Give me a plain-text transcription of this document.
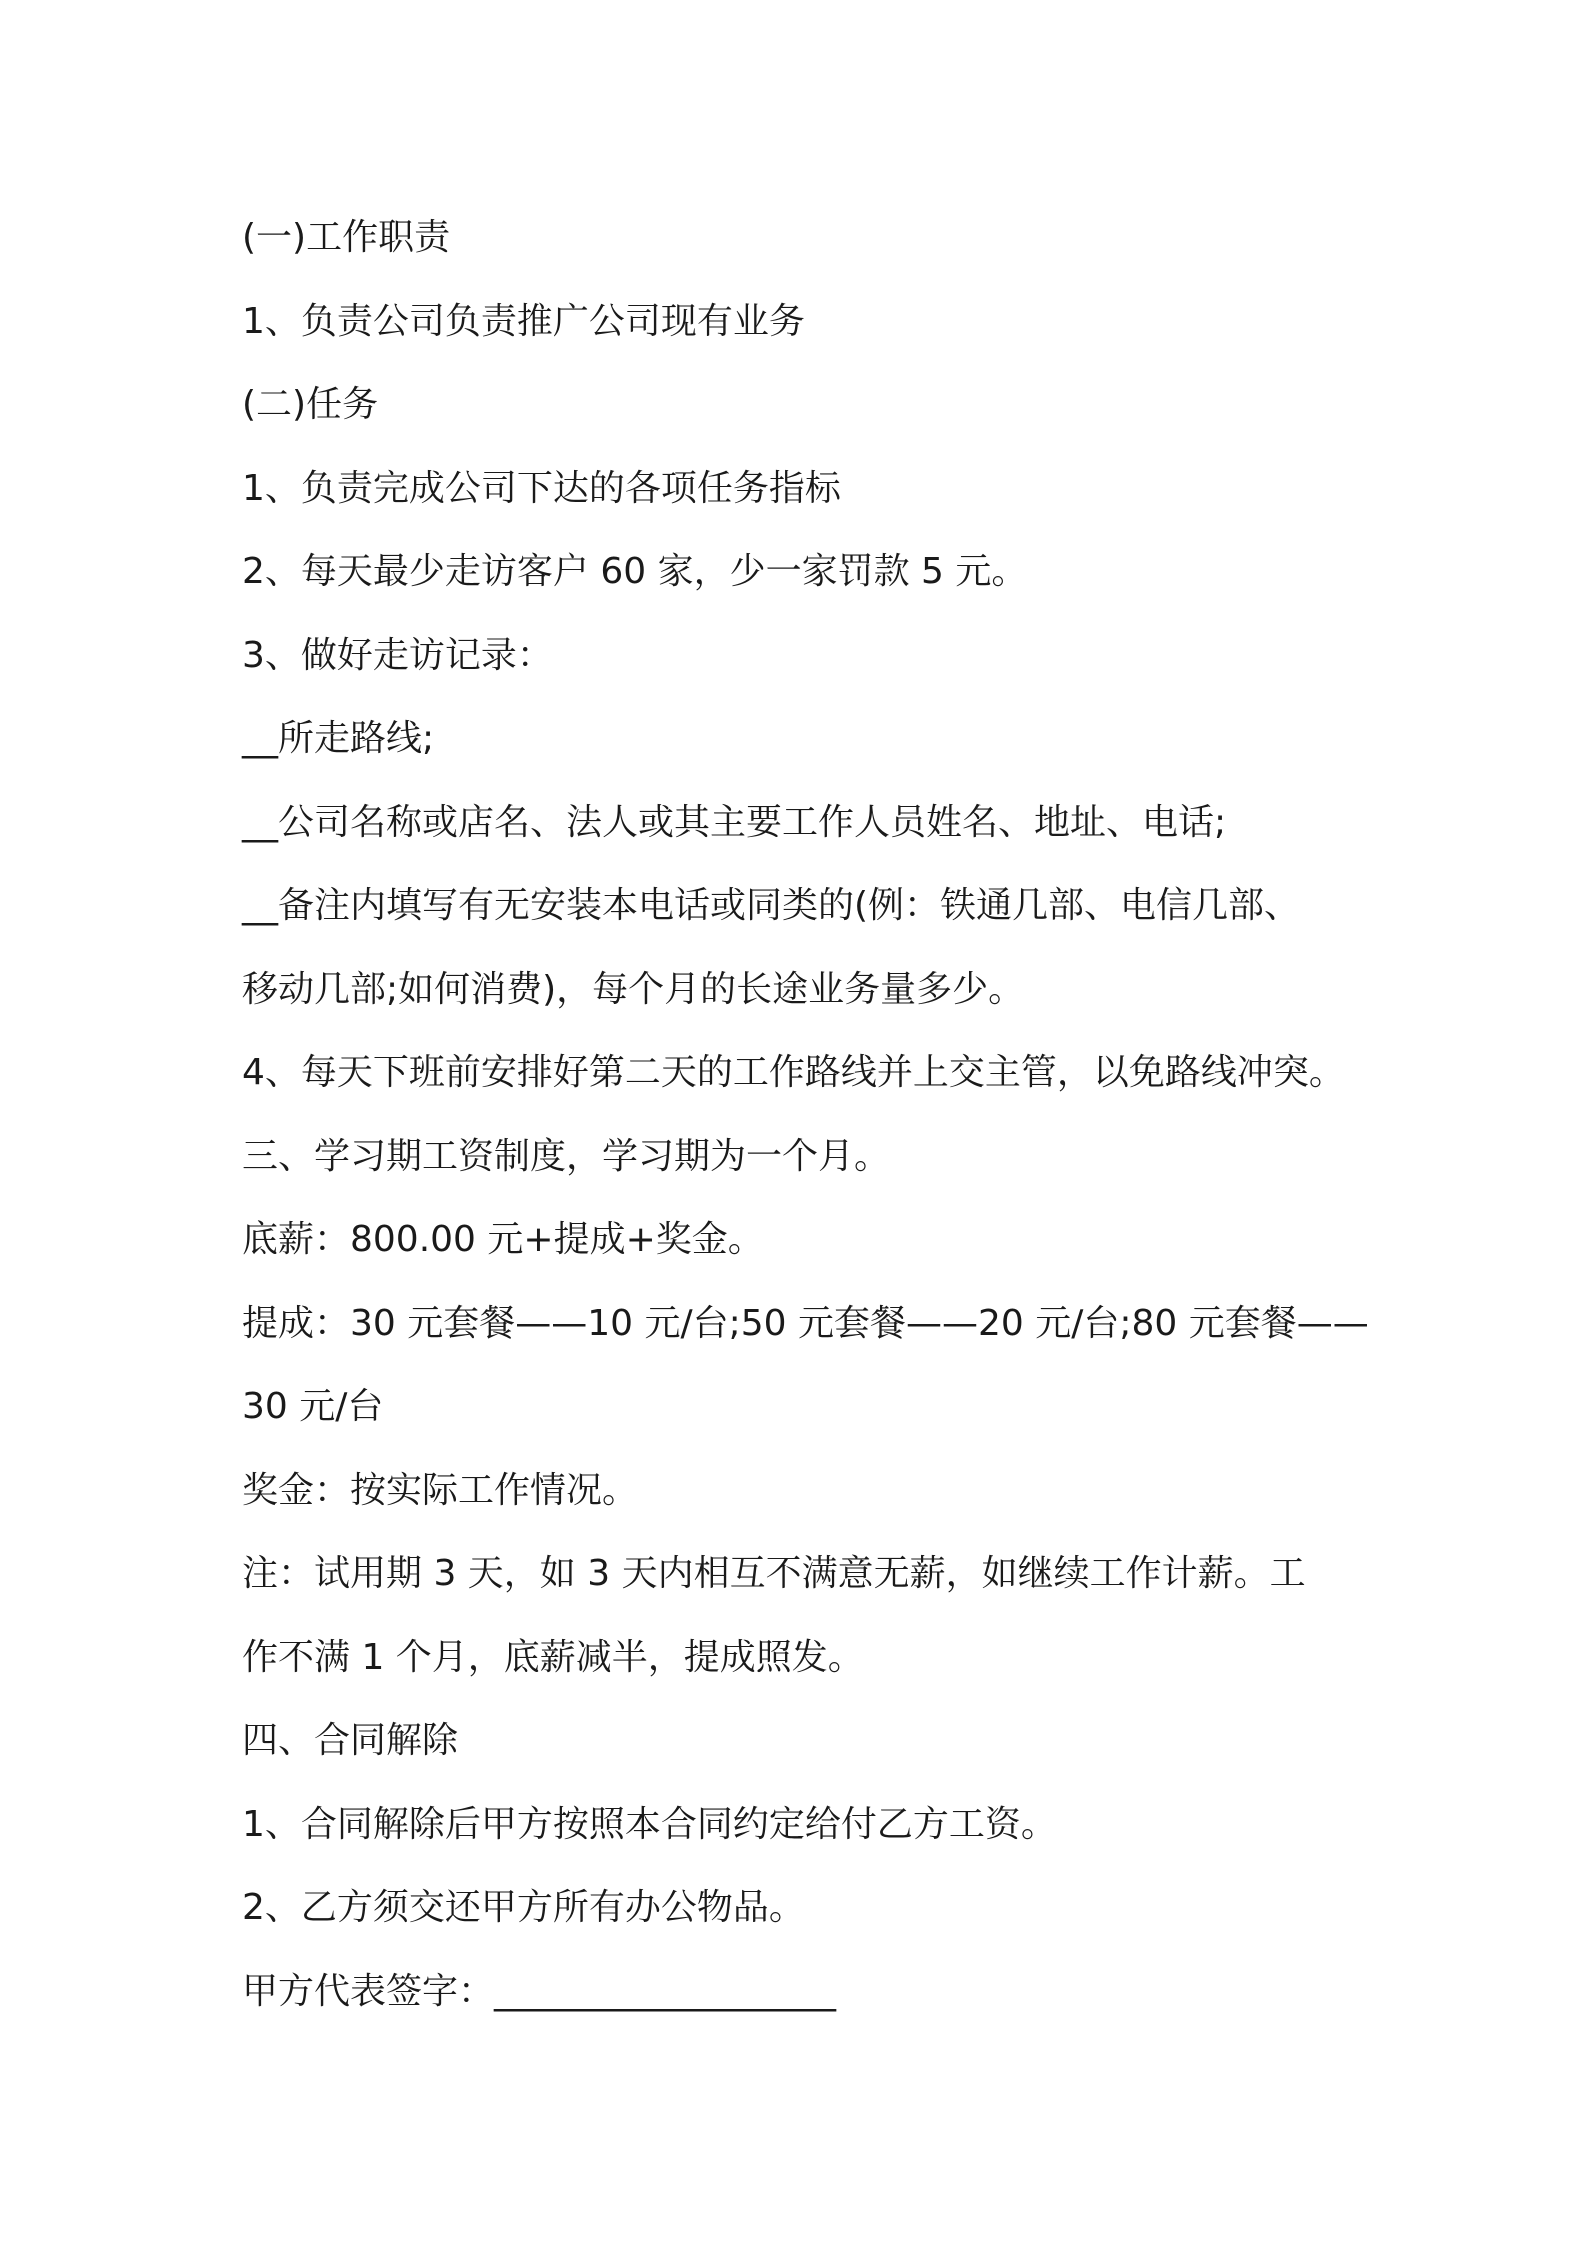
(一)工作职责
1、负责公司负责推广公司现有业务
(二)任务
1、负责完成公司下达的各项任务指标
2、每天最少走访客户 60 家，少一家罚款 5 元。
3、做好走访记录：
__所走路线;
__公司名称或店名、法人或其主要工作人员姓名、地址、电话;
__备注内填写有无安装本电话或同类的(例：铁通几部、电信几部、
移动几部;如何消费)，每个月的长途业务量多少。
4、每天下班前安排好第二天的工作路线并上交主管，以免路线冲突。
三、学习期工资制度，学习期为一个月。
底薪：800.00 元+提成+奖金。
提成：30 元套餐——10 元/台;50 元套餐——20 元/台;80 元套餐——
30 元/台
奖金：按实际工作情况。
注：试用期 3 天，如 3 天内相互不满意无薪，如继续工作计薪。工
作不满 1 个月，底薪减半，提成照发。
四、合同解除
1、合同解除后甲方按照本合同约定给付乙方工资。
2、乙方须交还甲方所有办公物品。
甲方代表签字：___________________
